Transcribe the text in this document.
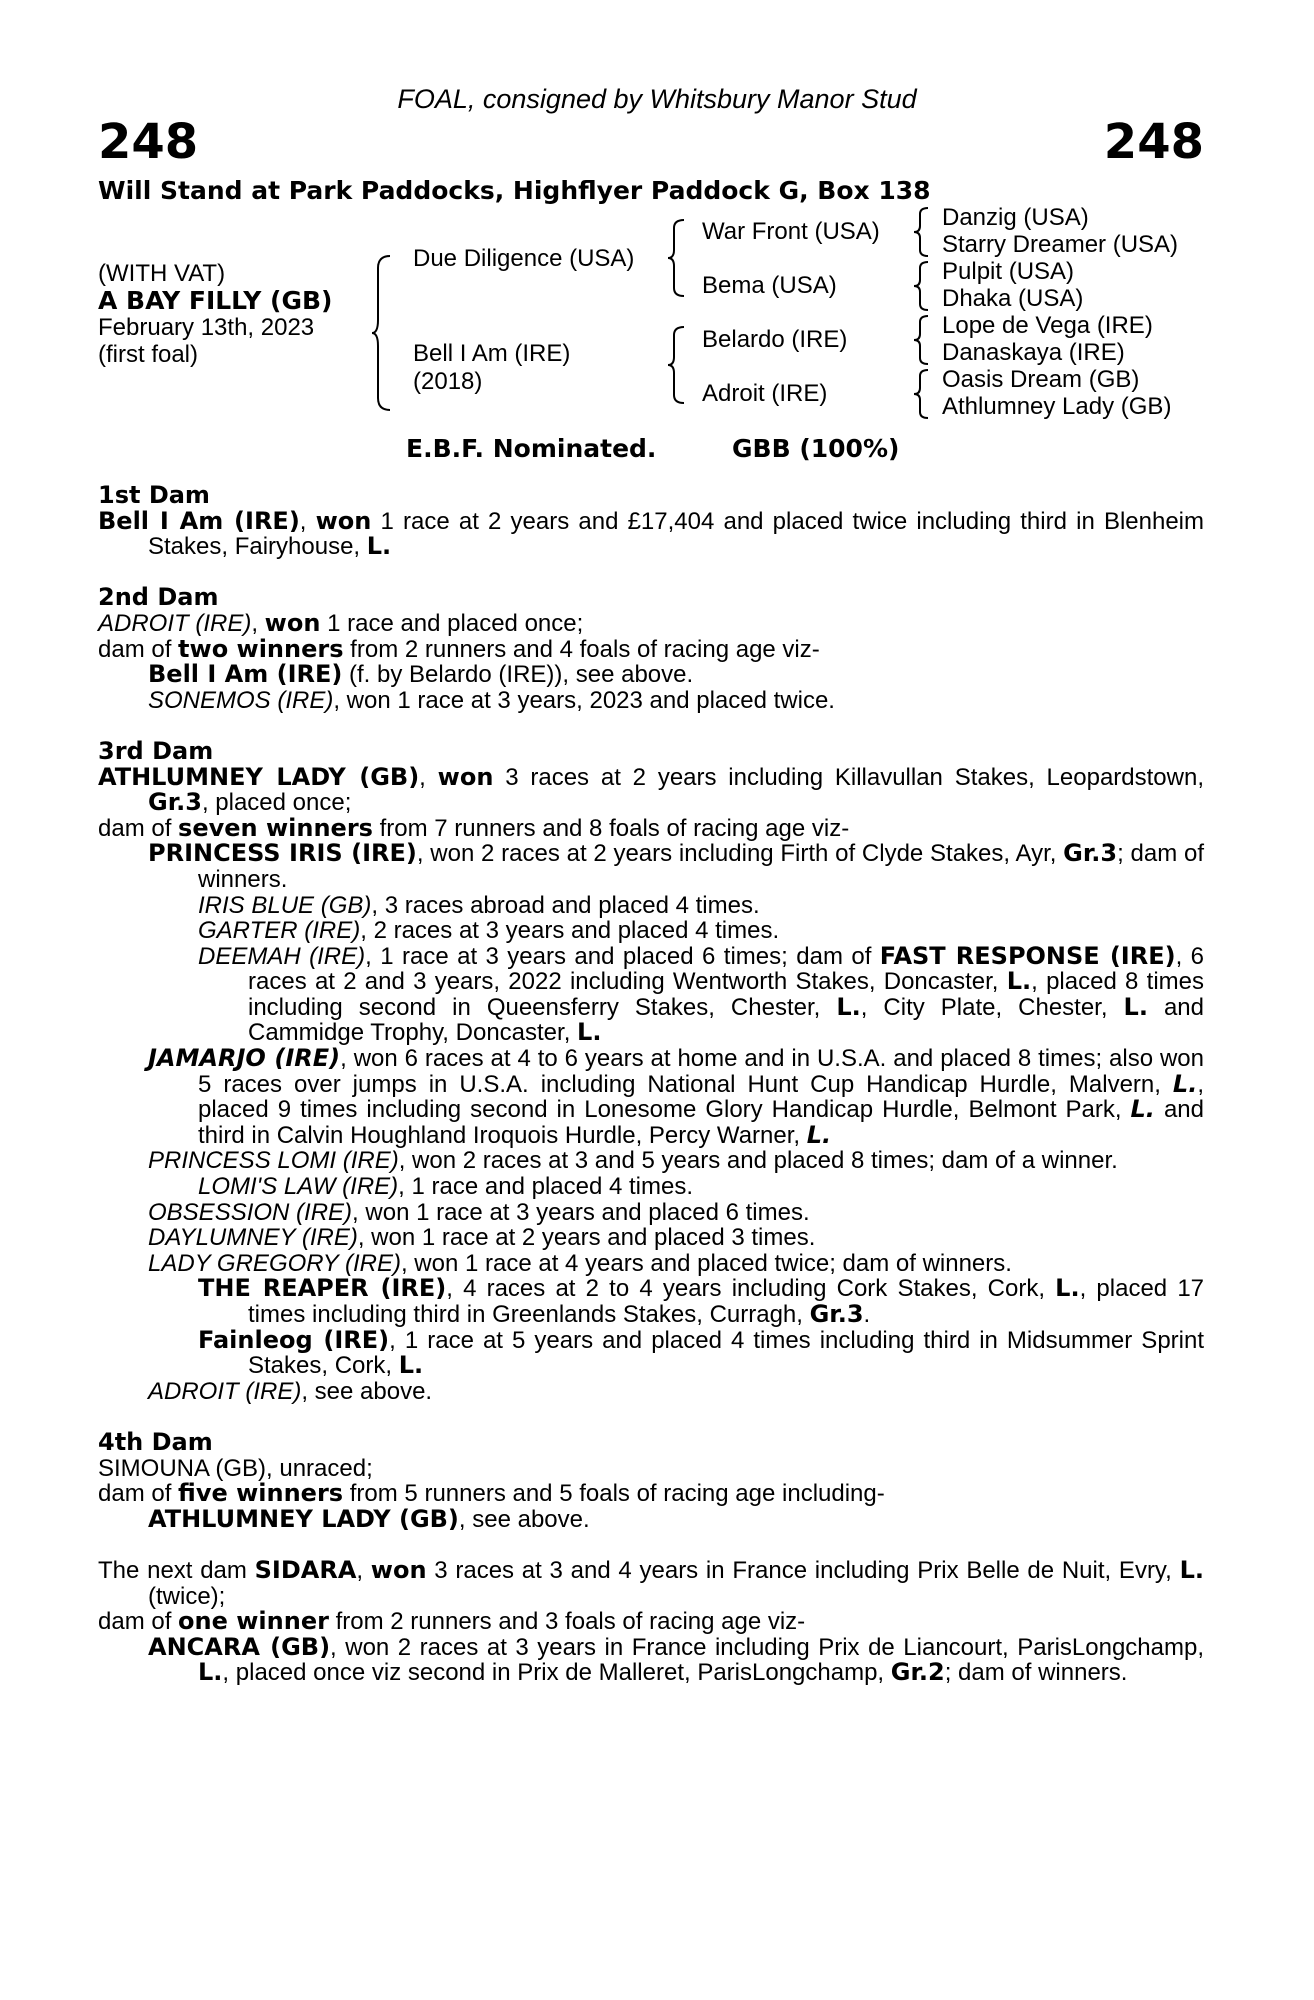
FOAL, consigned by Whitsbury Manor Stud
248	248
Will Stand at Park Paddocks, Highflyer Paddock G, Box 138
(WITH VAT)
A BAY FILLY (GB)
February 13th, 2023
(first foal)
Due Diligence (USA)
Bell I Am (IRE)
(2018)
War Front (USA)
Bema (USA)
Belardo (IRE)
Adroit (IRE)
Danzig (USA)
Starry Dreamer (USA)
Pulpit (USA)
Dhaka (USA)
Lope de Vega (IRE)
Danaskaya (IRE)
Oasis Dream (GB)
Athlumney Lady (GB)
E.B.F. Nominated.	GBB (100%)

1st Dam

Bell I Am (IRE), won 1 race at 2 years and £17,404 and placed twice including third in Blenheim Stakes, Fairyhouse, L.

2nd Dam

ADROIT (IRE), won 1 race and placed once;

dam of two winners from 2 runners and 4 foals of racing age viz-

Bell I Am (IRE) (f. by Belardo (IRE)), see above.

SONEMOS (IRE), won 1 race at 3 years, 2023 and placed twice.

3rd Dam

ATHLUMNEY LADY (GB), won 3 races at 2 years including Killavullan Stakes, Leopardstown, Gr.3, placed once;

dam of seven winners from 7 runners and 8 foals of racing age viz-

PRINCESS IRIS (IRE), won 2 races at 2 years including Firth of Clyde Stakes, Ayr, Gr.3; dam of winners.

IRIS BLUE (GB), 3 races abroad and placed 4 times.

GARTER (IRE), 2 races at 3 years and placed 4 times.

DEEMAH (IRE), 1 race at 3 years and placed 6 times; dam of FAST RESPONSE (IRE), 6 races at 2 and 3 years, 2022 including Wentworth Stakes, Doncaster, L., placed 8 times including second in Queensferry Stakes, Chester, L., City Plate, Chester, L. and Cammidge Trophy, Doncaster, L.

JAMARJO (IRE), won 6 races at 4 to 6 years at home and in U.S.A. and placed 8 times; also won 5 races over jumps in U.S.A. including National Hunt Cup Handicap Hurdle, Malvern, L., placed 9 times including second in Lonesome Glory Handicap Hurdle, Belmont Park, L. and third in Calvin Houghland Iroquois Hurdle, Percy Warner, L.

PRINCESS LOMI (IRE), won 2 races at 3 and 5 years and placed 8 times; dam of a winner.

LOMI'S LAW (IRE), 1 race and placed 4 times.

OBSESSION (IRE), won 1 race at 3 years and placed 6 times.

DAYLUMNEY (IRE), won 1 race at 2 years and placed 3 times.

LADY GREGORY (IRE), won 1 race at 4 years and placed twice; dam of winners.

THE REAPER (IRE), 4 races at 2 to 4 years including Cork Stakes, Cork, L., placed 17 times including third in Greenlands Stakes, Curragh, Gr.3.

Fainleog (IRE), 1 race at 5 years and placed 4 times including third in Midsummer Sprint Stakes, Cork, L.

ADROIT (IRE), see above.

4th Dam

SIMOUNA (GB), unraced;

dam of five winners from 5 runners and 5 foals of racing age including-

ATHLUMNEY LADY (GB), see above.

The next dam SIDARA, won 3 races at 3 and 4 years in France including Prix Belle de Nuit, Evry, L. (twice);

dam of one winner from 2 runners and 3 foals of racing age viz-

ANCARA (GB), won 2 races at 3 years in France including Prix de Liancourt, ParisLongchamp, L., placed once viz second in Prix de Malleret, ParisLongchamp, Gr.2; dam of winners.
